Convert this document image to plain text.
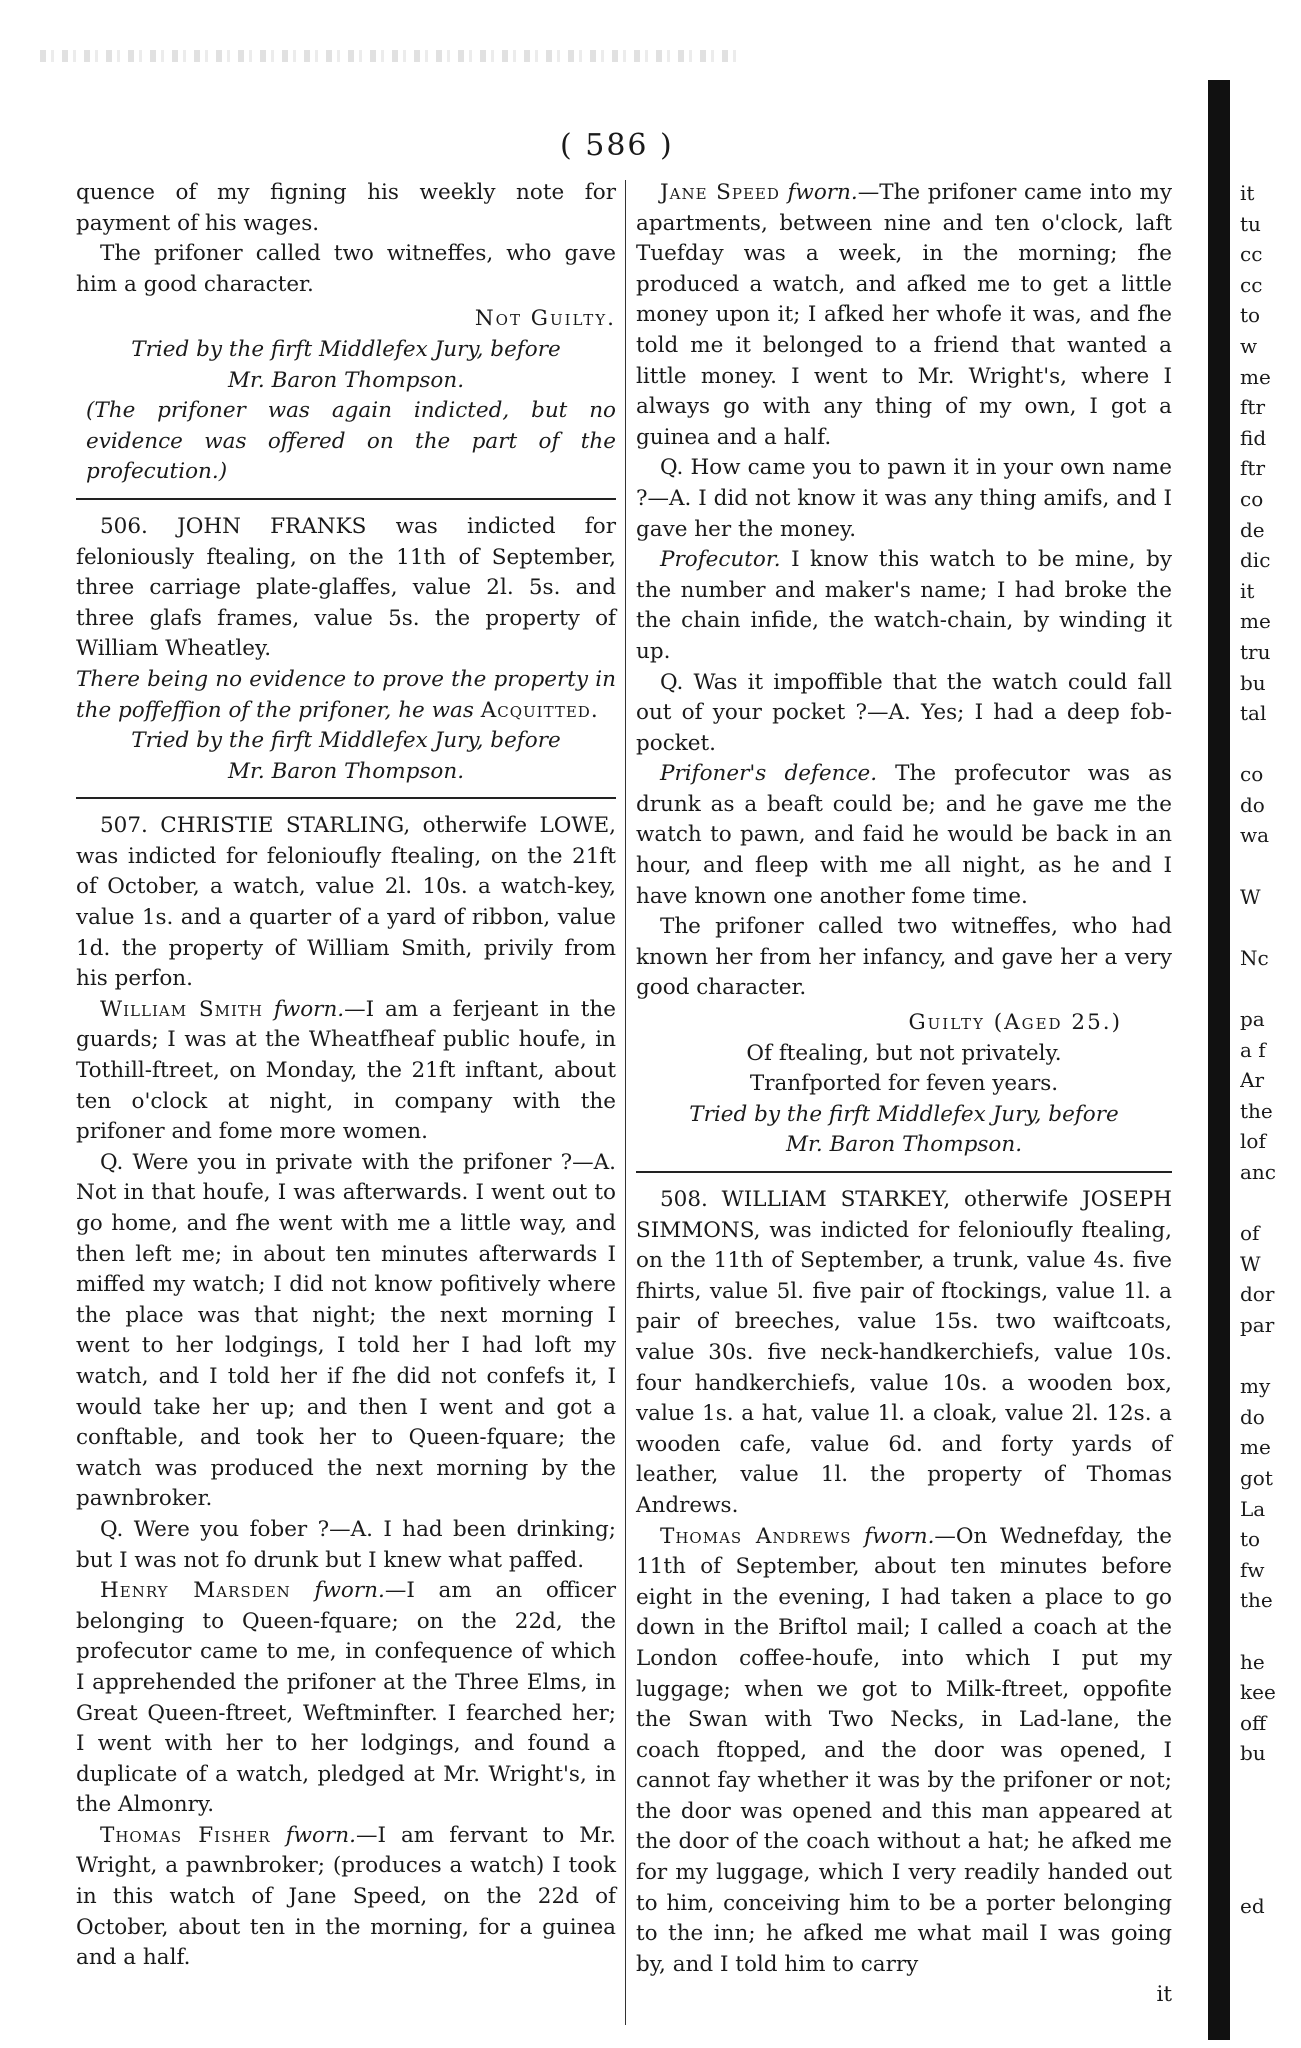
( 586 )

quence of my figning his weekly note for payment of his wages.

The prifoner called two witneffes, who gave him a good character.

Not Guilty.

Tried by the firft Middlefex Jury, before

Mr. Baron Thompson.

(The prifoner was again indicted, but no evidence was offered on the part of the profecution.)

506. JOHN FRANKS was indicted for feloniously ftealing, on the 11th of September, three carriage plate-glaffes, value 2l. 5s. and three glafs frames, value 5s. the property of William Wheatley.

There being no evidence to prove the property in the poffeffion of the prifoner, he was Acquitted.

Tried by the firft Middlefex Jury, before

Mr. Baron Thompson.

507. CHRISTIE STARLING, otherwife LOWE, was indicted for felonioufly ftealing, on the 21ft of October, a watch, value 2l. 10s. a watch-key, value 1s. and a quarter of a yard of ribbon, value 1d. the property of William Smith, privily from his perfon.

William Smith fworn.—I am a ferjeant in the guards; I was at the Wheatfheaf public houfe, in Tothill-ftreet, on Monday, the 21ft inftant, about ten o'clock at night, in company with the prifoner and fome more women.

Q. Were you in private with the prifoner ?—A. Not in that houfe, I was afterwards. I went out to go home, and fhe went with me a little way, and then left me; in about ten minutes afterwards I miffed my watch; I did not know pofitively where the place was that night; the next morning I went to her lodgings, I told her I had loft my watch, and I told her if fhe did not confefs it, I would take her up; and then I went and got a conftable, and took her to Queen-fquare; the watch was produced the next morning by the pawnbroker.

Q. Were you fober ?—A. I had been drinking; but I was not fo drunk but I knew what paffed.

Henry Marsden fworn.—I am an officer belonging to Queen-fquare; on the 22d, the profecutor came to me, in confequence of which I apprehended the prifoner at the Three Elms, in Great Queen-ftreet, Weftminfter. I fearched her; I went with her to her lodgings, and found a duplicate of a watch, pledged at Mr. Wright's, in the Almonry.

Thomas Fisher fworn.—I am fervant to Mr. Wright, a pawnbroker; (produces a watch) I took in this watch of Jane Speed, on the 22d of October, about ten in the morning, for a guinea and a half.

Jane Speed fworn.—The prifoner came into my apartments, between nine and ten o'clock, laft Tuefday was a week, in the morning; fhe produced a watch, and afked me to get a little money upon it; I afked her whofe it was, and fhe told me it belonged to a friend that wanted a little money. I went to Mr. Wright's, where I always go with any thing of my own, I got a guinea and a half.

Q. How came you to pawn it in your own name ?—A. I did not know it was any thing amifs, and I gave her the money.

Profecutor. I know this watch to be mine, by the number and maker's name; I had broke the the chain infide, the watch-chain, by winding it up.

Q. Was it impoffible that the watch could fall out of your pocket ?—A. Yes; I had a deep fob-pocket.

Prifoner's defence. The profecutor was as drunk as a beaft could be; and he gave me the watch to pawn, and faid he would be back in an hour, and fleep with me all night, as he and I have known one another fome time.

The prifoner called two witneffes, who had known her from her infancy, and gave her a very good character.

Guilty (Aged 25.)

Of ftealing, but not privately.

Tranfported for feven years.

Tried by the firft Middlefex Jury, before

Mr. Baron Thompson.

508. WILLIAM STARKEY, otherwife JOSEPH SIMMONS, was indicted for felonioufly ftealing, on the 11th of September, a trunk, value 4s. five fhirts, value 5l. five pair of ftockings, value 1l. a pair of breeches, value 15s. two waiftcoats, value 30s. five neck-handkerchiefs, value 10s. four handkerchiefs, value 10s. a wooden box, value 1s. a hat, value 1l. a cloak, value 2l. 12s. a wooden cafe, value 6d. and forty yards of leather, value 1l. the property of Thomas Andrews.

Thomas Andrews fworn.—On Wednefday, the 11th of September, about ten minutes before eight in the evening, I had taken a place to go down in the Briftol mail; I called a coach at the London coffee-houfe, into which I put my luggage; when we got to Milk-ftreet, oppofite the Swan with Two Necks, in Lad-lane, the coach ftopped, and the door was opened, I cannot fay whether it was by the prifoner or not; the door was opened and this man appeared at the door of the coach without a hat; he afked me for my luggage, which I very readily handed out to him, conceiving him to be a porter belonging to the inn; he afked me what mail I was going by, and I told him to carry

it

it
tu
cc
cc
to
w
me
ftr
fid
ftr
co
de
dic
it
me
tru
bu
tal
co
do
wa
W
Nc
pa
a f
Ar
the
lof
anc
of
W
dor
par
my
do
me
got
La
to
fw
the
he
kee
off
bu
ed
